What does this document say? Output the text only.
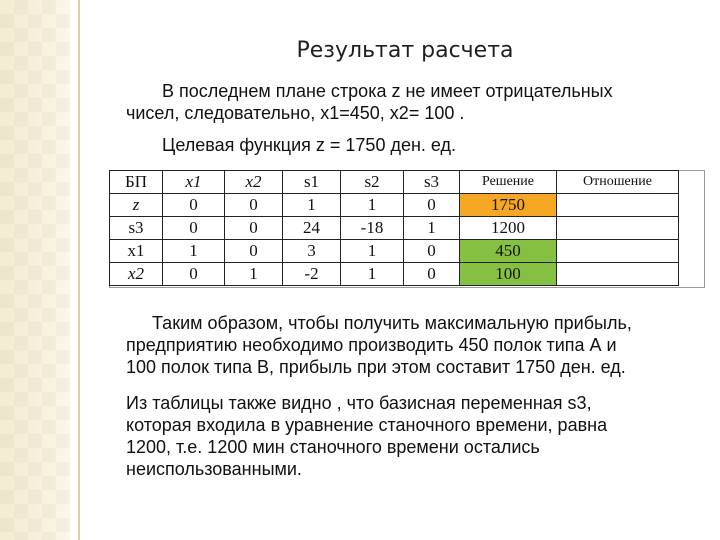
Результат расчета
В последнем плане строка z не имеет отрицательных
чисел, следовательно, x1=450, x2= 100 .
Целевая функция z = 1750 ден. ед.
БП	x1	x2	s1	s2	s3	Решение	Отношение
z	0	0	1	1	0	1750	
s3	0	0	24	-18	1	1200	
x1	1	0	3	1	0	450	
x2	0	1	-2	1	0	100	
Таким образом, чтобы получить максимальную прибыль,
предприятию необходимо производить 450 полок типа А и
100 полок типа В, прибыль при этом составит 1750 ден. ед.
Из таблицы также видно , что базисная переменная s3,
которая входила в уравнение станочного времени, равна
1200, т.е. 1200 мин станочного времени остались
неиспользованными.
